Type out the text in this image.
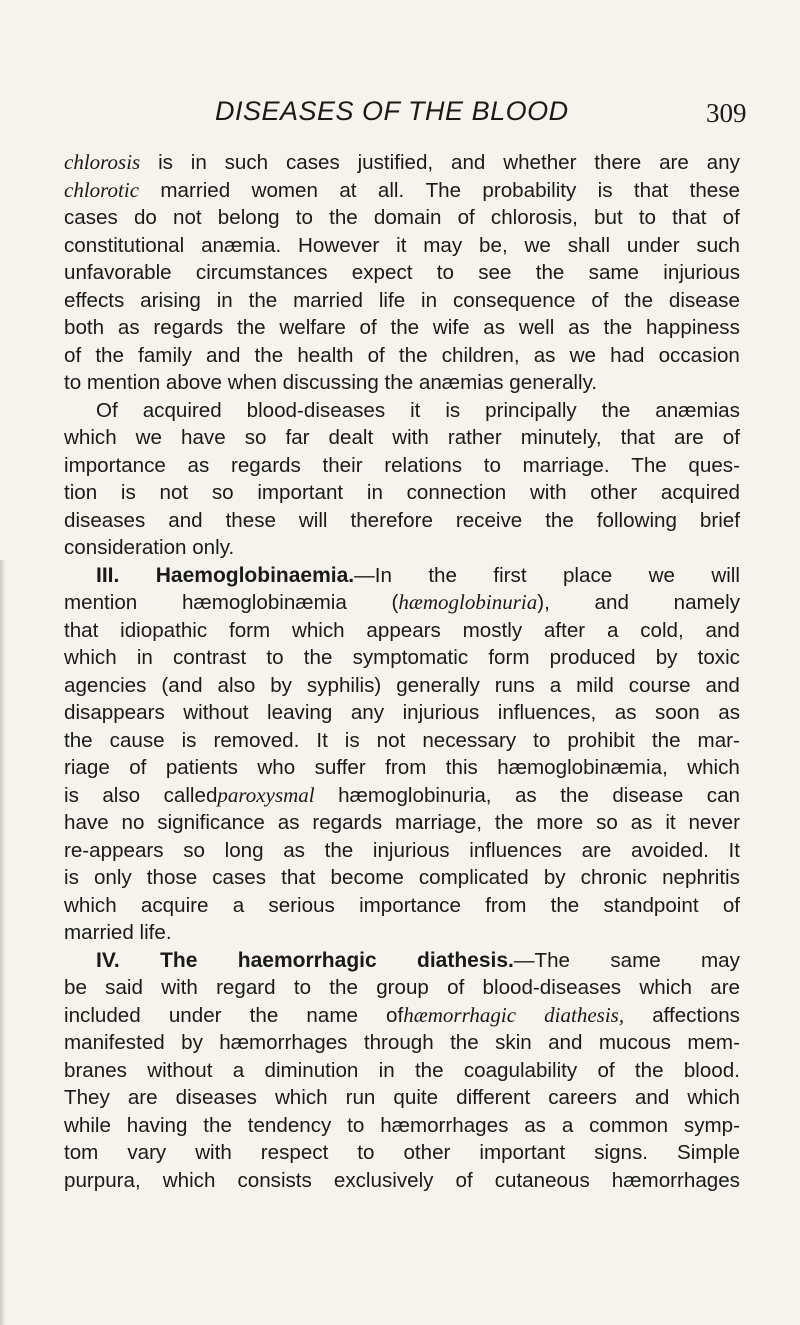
DISEASES OF THE BLOOD	309
chlorosis is in such cases justified, and whether there are any
chlorotic married women at all. The probability is that these
cases do not belong to the domain of chlorosis, but to that of
constitutional anæmia. However it may be, we shall under such
unfavorable circumstances expect to see the same injurious
effects arising in the married life in consequence of the disease
both as regards the welfare of the wife as well as the happiness
of the family and the health of the children, as we had occasion
to mention above when discussing the anæmias generally.
Of acquired blood-diseases it is principally the anæmias
which we have so far dealt with rather minutely, that are of
importance as regards their relations to marriage. The ques-
tion is not so important in connection with other acquired
diseases and these will therefore receive the following brief
consideration only.
III. Haemoglobinaemia.—In the first place we will
mention hæmoglobinæmia (hæmoglobinuria), and namely
that idiopathic form which appears mostly after a cold, and
which in contrast to the symptomatic form produced by toxic
agencies (and also by syphilis) generally runs a mild course and
disappears without leaving any injurious influences, as soon as
the cause is removed. It is not necessary to prohibit the mar-
riage of patients who suffer from this hæmoglobinæmia, which
is also calledparoxysmal hæmoglobinuria, as the disease can
have no significance as regards marriage, the more so as it never
re-appears so long as the injurious influences are avoided. It
is only those cases that become complicated by chronic nephritis
which acquire a serious importance from the standpoint of
married life.
IV. The haemorrhagic diathesis.—The same may
be said with regard to the group of blood-diseases which are
included under the name ofhæmorrhagic diathesis, affections
manifested by hæmorrhages through the skin and mucous mem-
branes without a diminution in the coagulability of the blood.
They are diseases which run quite different careers and which
while having the tendency to hæmorrhages as a common symp-
tom vary with respect to other important signs. Simple
purpura, which consists exclusively of cutaneous hæmorrhages
